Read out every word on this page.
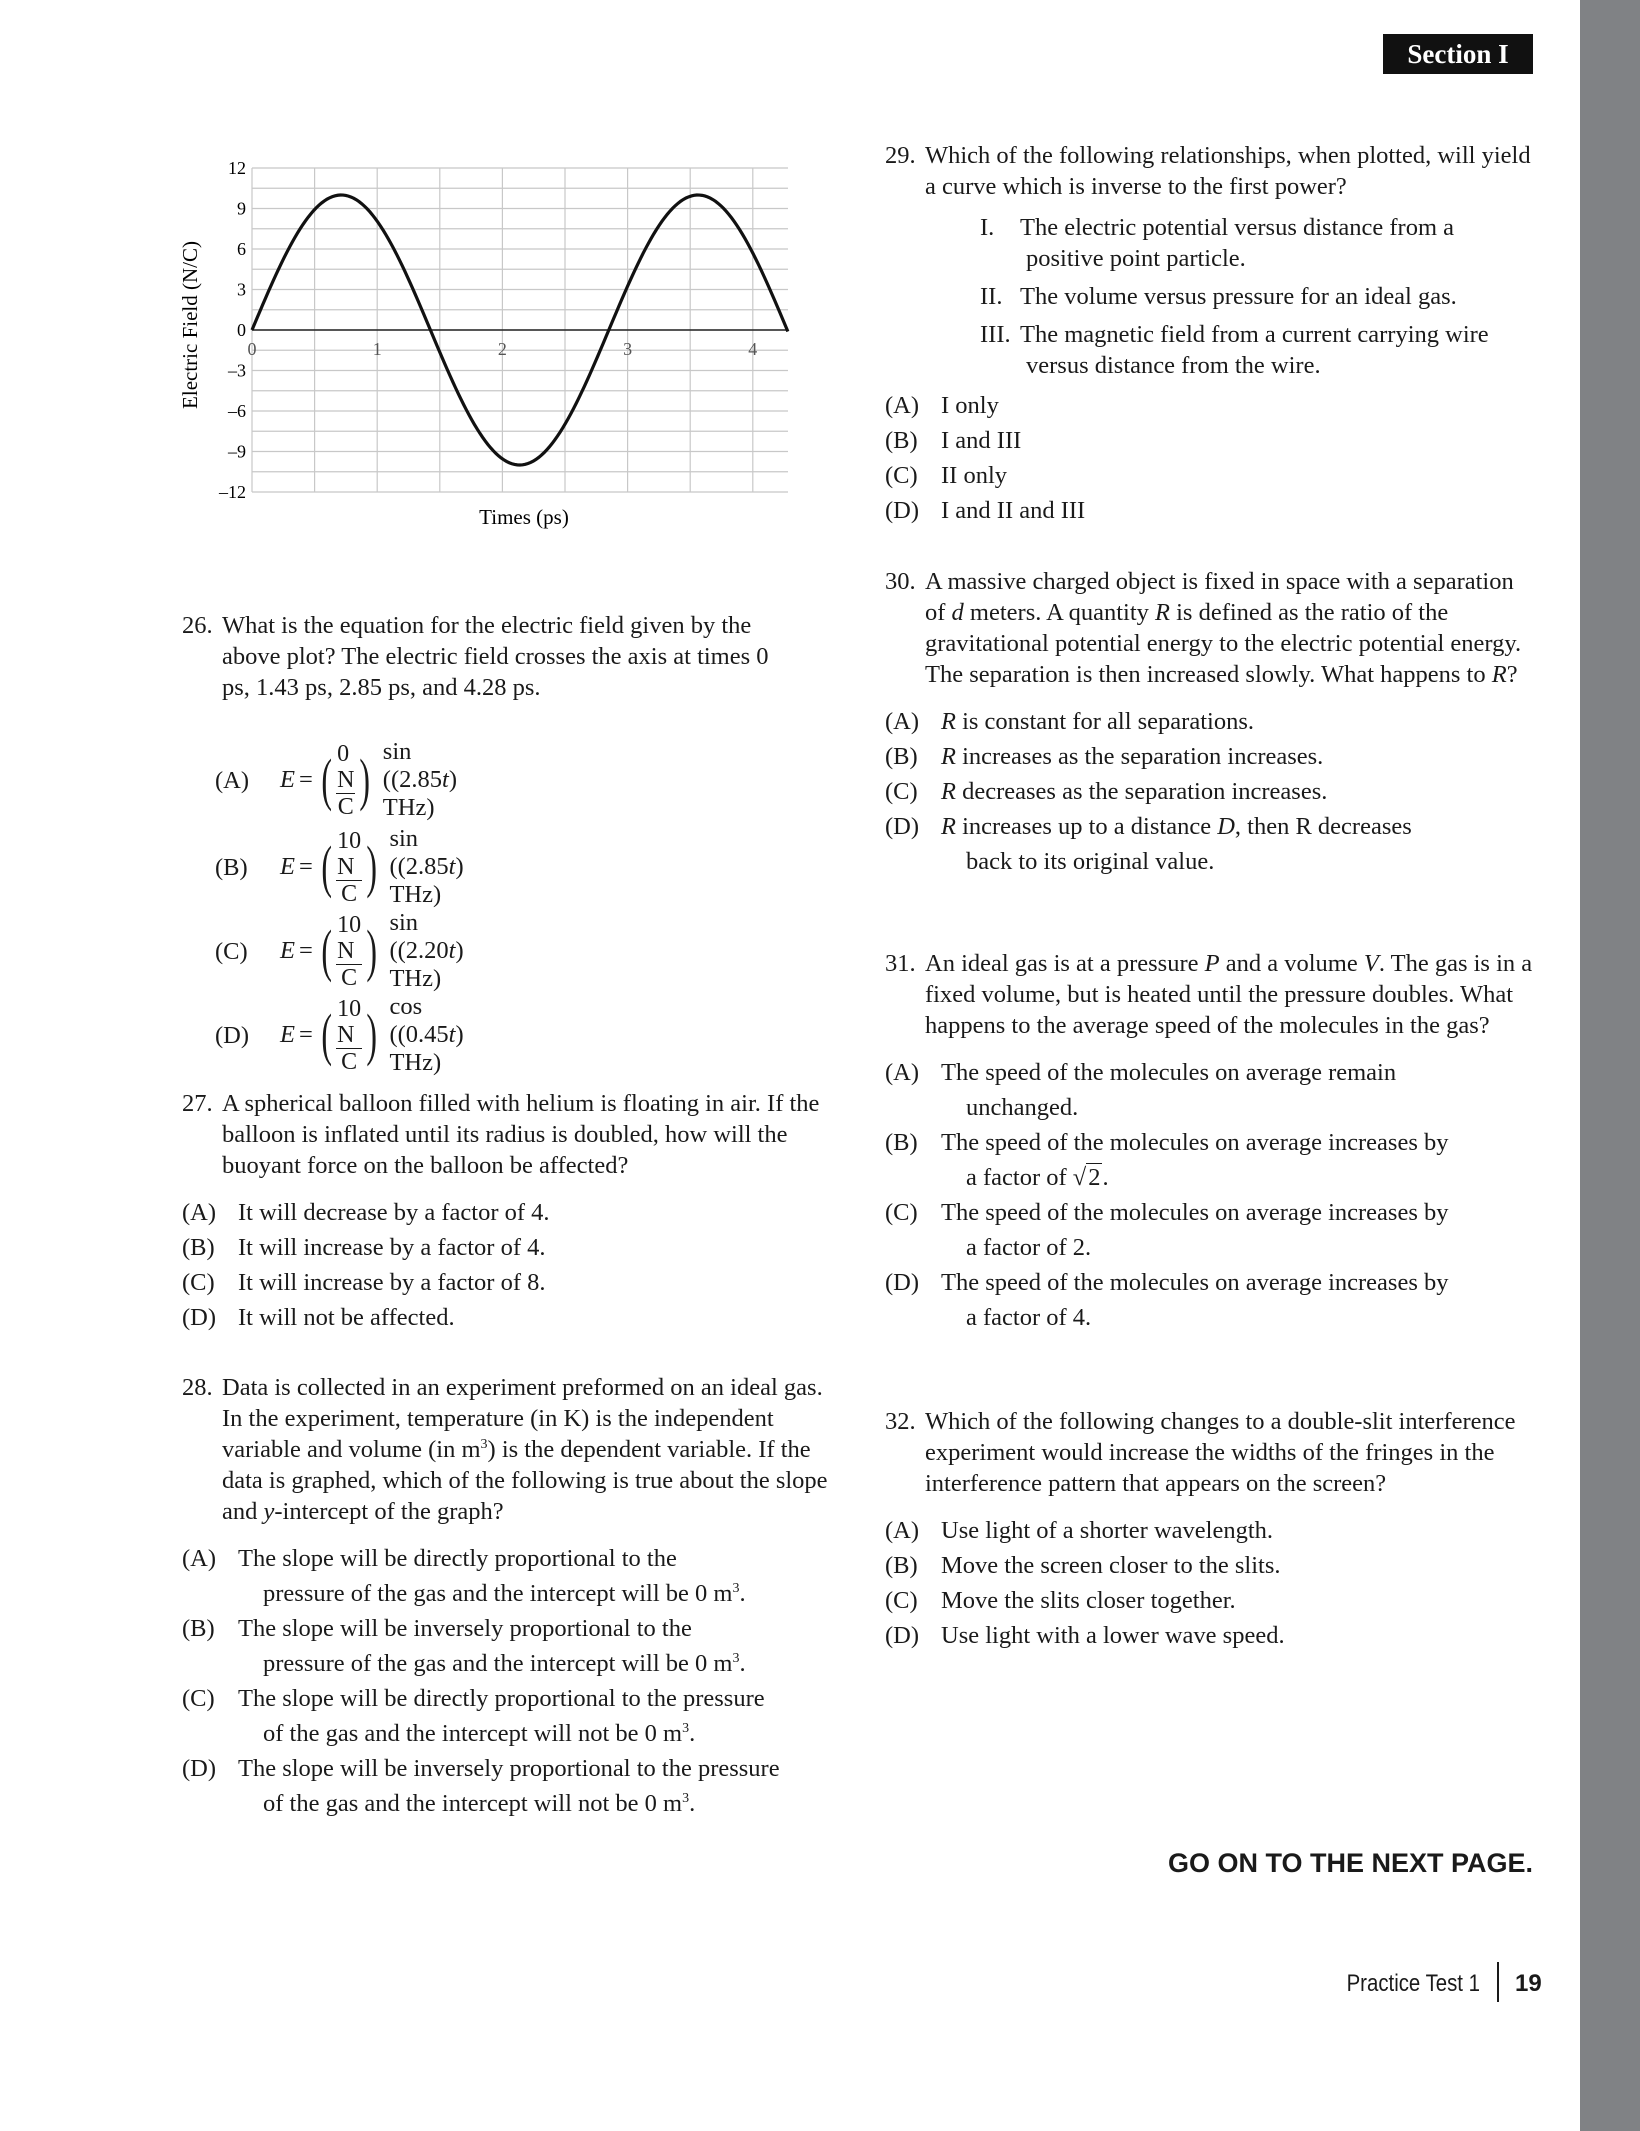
Section I
12
9
6
3
0
–3
–6
–9
–12
0	1	2	3	4
Electric Field (N/C)
Times (ps)
26. What is the equation for the electric field given by the above plot? The electric field crosses the axis at times 0 ps, 1.43 ps, 2.85 ps, and 4.28 ps.
(A) E = ( $\frac{0 N}{C}$ ) sin ((2.85 THz)
t )
(B) E = ( $\frac{10 N}{C}$ ) sin ((2.85 THz)
t )
(C) E = ( $\frac{10 N}{C}$ ) sin ((2.20 THz)
t )
(D) E = ( $\frac{10 N}{C}$ ) cos ((0.45 THz)
t )
27. A spherical balloon filled with helium is floating in air. If the balloon is inflated until its radius is doubled, how will the buoyant force on the balloon be affected?
(A) It will decrease by a factor of 4.
(B) It will increase by a factor of 4.
(C) It will increase by a factor of 8.
(D) It will not be affected.
28. Data is collected in an experiment preformed on an ideal gas. In the experiment, temperature (in K) is the independent variable and volume (in $m^3$) is the dependent variable. If the data is graphed, which of the following is true about the slope and y-intercept of the graph?
(A) The slope will be directly proportional to the
pressure of the gas and the intercept will be 0 $m^3$.
(B) The slope will be inversely proportional to the
pressure of the gas and the intercept will be 0 $m^3$.
(C) The slope will be directly proportional to the pressure
of the gas and the intercept will not be 0 $m^3$.
(D) The slope will be inversely proportional to the pressure
of the gas and the intercept will not be 0 $m^3$.
29. Which of the following relationships, when plotted, will yield a curve which is inverse to the first power?
I. The electric potential versus distance from a
positive point particle.
II. The volume versus pressure for an ideal gas.
III. The magnetic field from a current carrying wire
versus distance from the wire.
(A) I only
(B) I and III
(C) II only
(D) I and II and III
30. A massive charged object is fixed in space with a separation of d meters. A quantity R is defined as the ratio of the gravitational potential energy to the electric potential energy. The separation is then increased slowly. What happens to R?
(A) R is constant for all separations.
(B) R increases as the separation increases.
(C) R decreases as the separation increases.
(D) R increases up to a distance D, then R decreases
back to its original value.
31. An ideal gas is at a pressure P and a volume V. The gas is in a fixed volume, but is heated until the pressure doubles. What happens to the average speed of the molecules in the gas?
(A) The speed of the molecules on average remain
unchanged.
(B) The speed of the molecules on average increases by
a factor of √2.
(C) The speed of the molecules on average increases by
a factor of 2.
(D) The speed of the molecules on average increases by
a factor of 4.
32. Which of the following changes to a double-slit interference experiment would increase the widths of the fringes in the interference pattern that appears on the screen?
(A) Use light of a shorter wavelength.
(B) Move the screen closer to the slits.
(C) Move the slits closer together.
(D) Use light with a lower wave speed.
GO ON TO THE NEXT PAGE.
Practice Test 1 19
